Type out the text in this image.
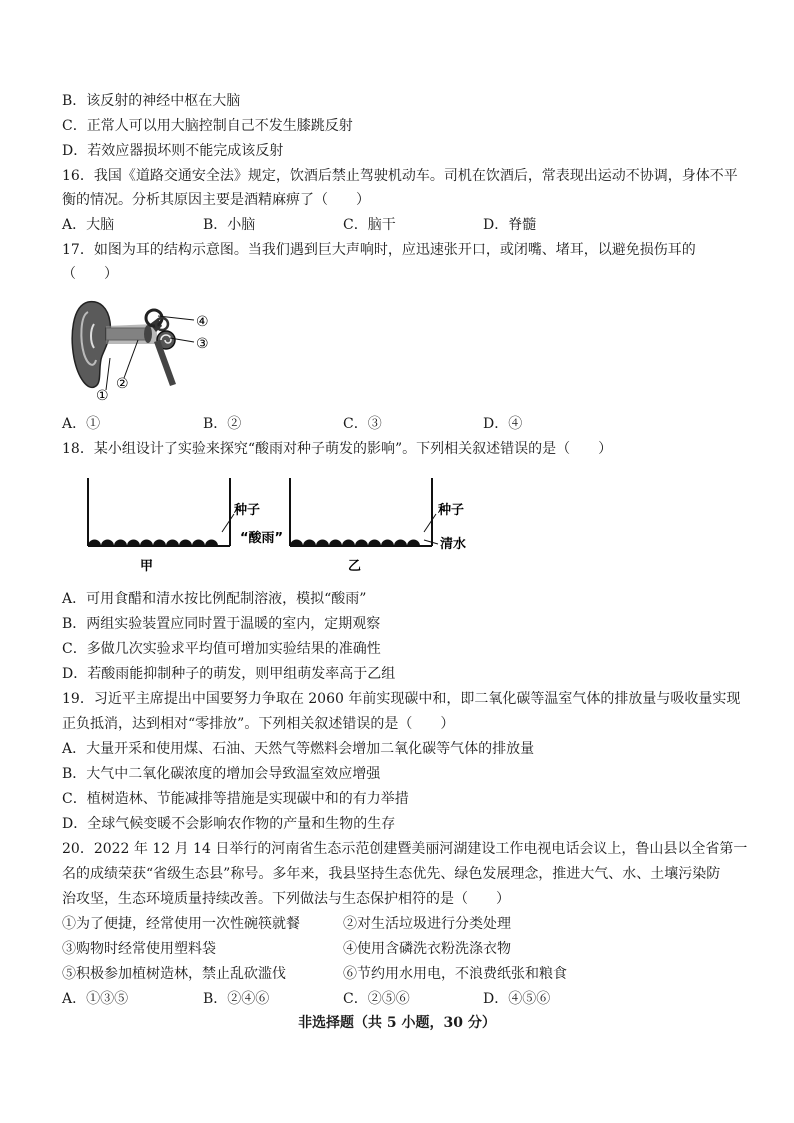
B．该反射的神经中枢在大脑
C．正常人可以用大脑控制自己不发生膝跳反射
D．若效应器损坏则不能完成该反射
16．我国《道路交通安全法》规定，饮酒后禁止驾驶机动车。司机在饮酒后，常表现出运动不协调，身体不平
衡的情况。分析其原因主要是酒精麻痹了（　　）
A．大脑	B．小脑	C．脑干	D．脊髓
17．如图为耳的结构示意图。当我们遇到巨大声响时，应迅速张开口，或闭嘴、堵耳，以避免损伤耳的
（　　）
①
②
③
④
A．①	B．②	C．③	D．④
18．某小组设计了实验来探究“酸雨对种子萌发的影响”。下列相关叙述错误的是（　　）
种子
“酸雨”
种子
清水
甲	乙
A．可用食醋和清水按比例配制溶液，模拟“酸雨”
B．两组实验装置应同时置于温暖的室内，定期观察
C．多做几次实验求平均值可增加实验结果的准确性
D．若酸雨能抑制种子的萌发，则甲组萌发率高于乙组
19．习近平主席提出中国要努力争取在 2060 年前实现碳中和，即二氧化碳等温室气体的排放量与吸收量实现
正负抵消，达到相对“零排放”。下列相关叙述错误的是（　　）
A．大量开采和使用煤、石油、天然气等燃料会增加二氧化碳等气体的排放量
B．大气中二氧化碳浓度的增加会导致温室效应增强
C．植树造林、节能减排等措施是实现碳中和的有力举措
D．全球气候变暖不会影响农作物的产量和生物的生存
20．2022 年 12 月 14 日举行的河南省生态示范创建暨美丽河湖建设工作电视电话会议上，鲁山县以全省第一
名的成绩荣获“省级生态县”称号。多年来，我县坚持生态优先、绿色发展理念，推进大气、水、土壤污染防
治攻坚，生态环境质量持续改善。下列做法与生态保护相符的是（　　）
①为了便捷，经常使用一次性碗筷就餐	②对生活垃圾进行分类处理
③购物时经常使用塑料袋	④使用含磷洗衣粉洗涤衣物
⑤积极参加植树造林，禁止乱砍滥伐	⑥节约用水用电，不浪费纸张和粮食
A．①③⑤	B．②④⑥	C．②⑤⑥	D．④⑤⑥
非选择题（共 5 小题，30 分）
